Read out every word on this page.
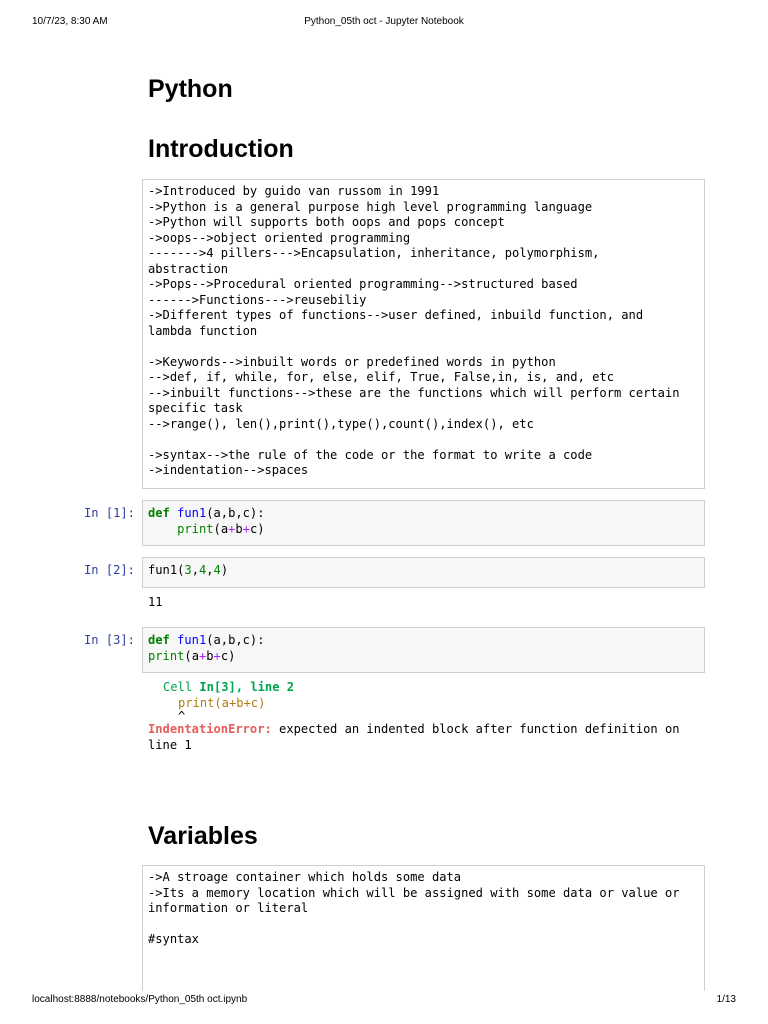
10/7/23, 8:30 AM	Python_05th oct - Jupyter Notebook
Python
Introduction
->Introduced by guido van russom in 1991
->Python is a general purpose high level programming language
->Python will supports both oops and pops concept
->oops-->object oriented programming
------->4 pillers--->Encapsulation, inheritance, polymorphism,
abstraction
->Pops-->Procedural oriented programming-->structured based
------>Functions--->reusebiliy
->Different types of functions-->user defined, inbuild function, and
lambda function
->Keywords-->inbuilt words or predefined words in python
-->def, if, while, for, else, elif, True, False,in, is, and, etc
-->inbuilt functions-->these are the functions which will perform certain
specific task
-->range(), len(),print(),type(),count(),index(), etc
->syntax-->the rule of the code or the format to write a code
->indentation-->spaces
In [1]:	def fun1(a,b,c):
print(a+b+c)
In [2]:	fun1(3,4,4)
11
In [3]:	def fun1(a,b,c):
print(a+b+c)
Cell In[3], line 2
print(a+b+c)
^
IndentationError: expected an indented block after function definition on line 1
Variables
->A stroage container which holds some data
->Its a memory location which will be assigned with some data or value or
information or literal
#syntax
localhost:8888/notebooks/Python_05th oct.ipynb	1/13
